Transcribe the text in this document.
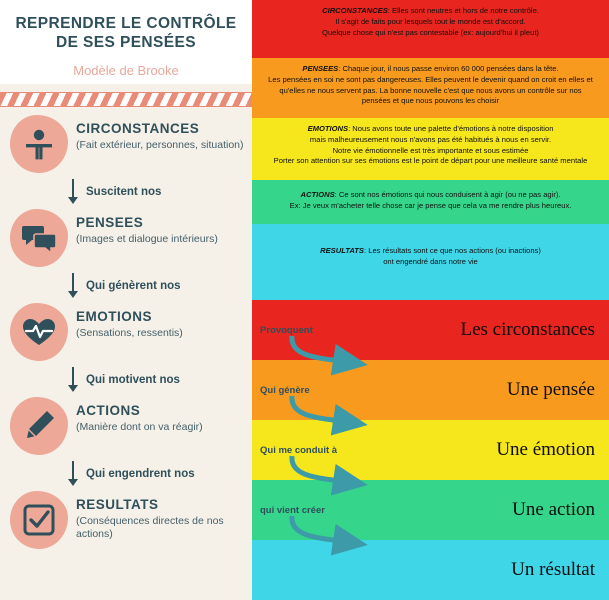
REPRENDRE LE CONTRÔLE
DE SES PENSÉES
Modèle de Brooke
CIRCONSTANCES
(Fait extérieur, personnes, situation)
Suscitent nos
PENSEES
(Images et dialogue intérieurs)
Qui génèrent nos
EMOTIONS
(Sensations, ressentis)
Qui motivent nos
ACTIONS
(Manière dont on va réagir)
Qui engendrent nos
RESULTATS
(Conséquences directes de nos actions)
CIRCONSTANCES: Elles sont neutres et hors de notre contrôle.
Il s'agit de faits pour lesquels tout le monde est d'accord.
Quelque chose qui n'est pas contestable (ex: aujourd'hui il pleut)
PENSEES: Chaque jour, il nous passe environ 60 000 pensées dans la tête.
Les pensées en soi ne sont pas dangereuses. Elles peuvent le devenir quand on croit en elles et
qu'elles ne nous servent pas. La bonne nouvelle c'est que nous avons un contrôle sur nos
pensées et que nous pouvons les choisir
EMOTIONS: Nous avons toute une palette d'émotions à notre disposition
mais malheureusement nous n'avons pas été habitués à nous en servir.
Notre vie émotionnelle est très importante et sous estimée
Porter son attention sur ses émotions est le point de départ pour une meilleure santé mentale
ACTIONS: Ce sont nos émotions qui nous conduisent à agir (ou ne pas agir).
Ex: Je veux m'acheter telle chose car je pense que cela va me rendre plus heureux.
RESULTATS: Les résultats sont ce que nos actions (ou inactions)
ont engendré dans notre vie
Provoquent	Les circonstances
Qui génère	Une pensée
Qui me conduit à	Une émotion
qui vient créer	Une action
Un résultat
